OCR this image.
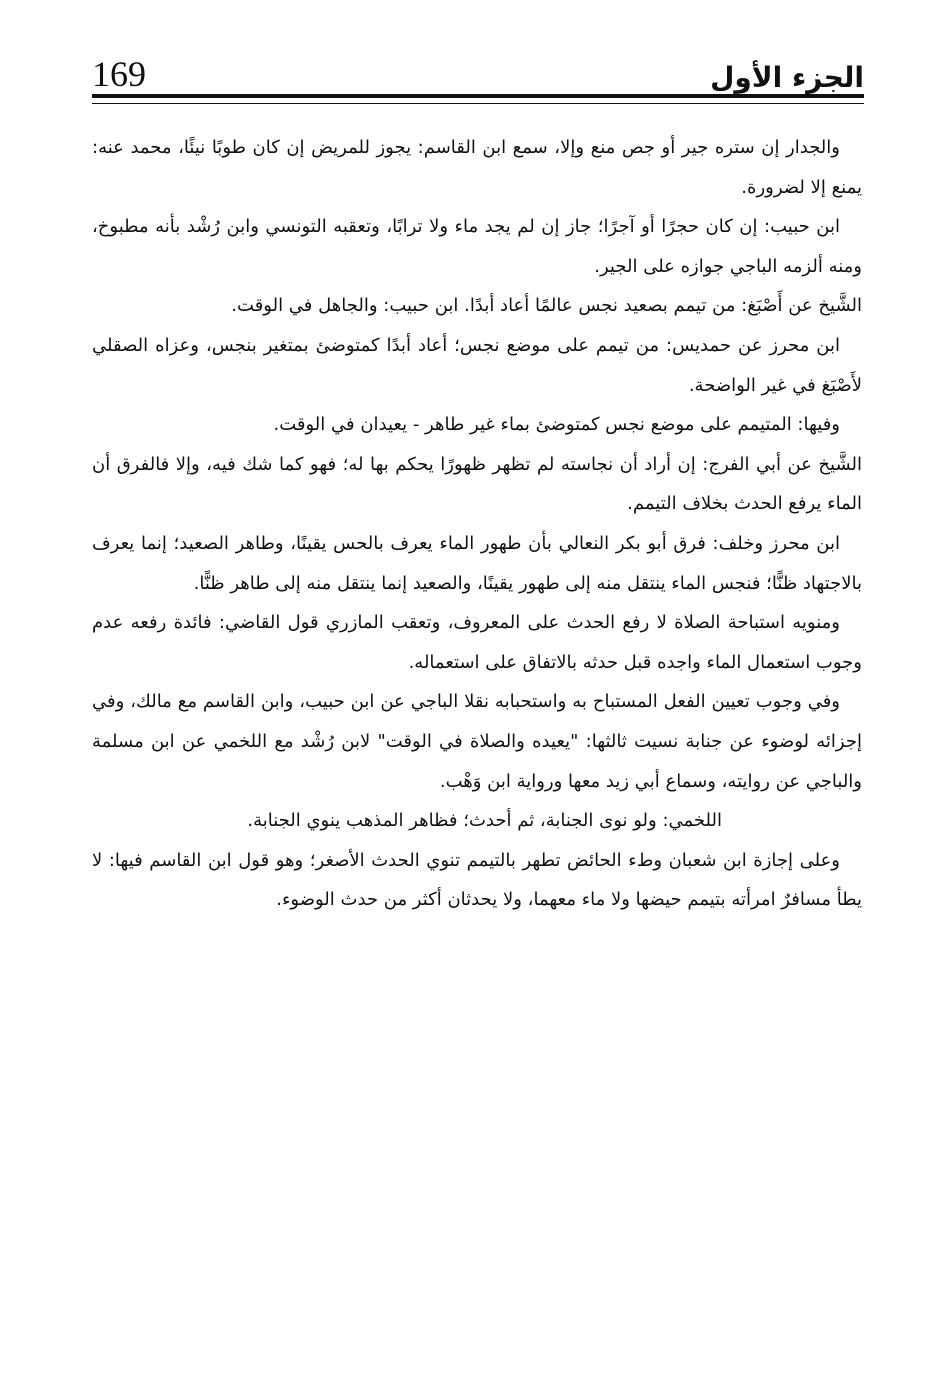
169	الجزء الأول

والجدار إن ستره جير أو جص منع وإلا، سمع ابن القاسم: يجوز للمريض إن كان طوبًا نيئًا، محمد عنه: يمنع إلا لضرورة.

ابن حبيب: إن كان حجرًا أو آجرًا؛ جاز إن لم يجد ماء ولا ترابًا، وتعقبه التونسي وابن رُشْد بأنه مطبوخ، ومنه ألزمه الباجي جوازه على الجير.

الشَّيخ عن أَصْبَغ: من تيمم بصعيد نجس عالمًا أعاد أبدًا. ابن حبيب: والجاهل في الوقت.

ابن محرز عن حمديس: من تيمم على موضع نجس؛ أعاد أبدًا كمتوضئ بمتغير بنجس، وعزاه الصقلي لأَصْبَغ في غير الواضحة.

وفيها: المتيمم على موضع نجس كمتوضئ بماء غير طاهر - يعيدان في الوقت.

الشَّيخ عن أبي الفرج: إن أراد أن نجاسته لم تظهر ظهورًا يحكم بها له؛ فهو كما شك فيه، وإلا فالفرق أن الماء يرفع الحدث بخلاف التيمم.

ابن محرز وخلف: فرق أبو بكر النعالي بأن طهور الماء يعرف بالحس يقينًا، وطاهر الصعيد؛ إنما يعرف بالاجتهاد ظنًّا؛ فنجس الماء ينتقل منه إلى طهور يقينًا، والصعيد إنما ينتقل منه إلى طاهر ظنًّا.

ومنويه استباحة الصلاة لا رفع الحدث على المعروف، وتعقب المازري قول القاضي: فائدة رفعه عدم وجوب استعمال الماء واجده قبل حدثه بالاتفاق على استعماله.

وفي وجوب تعيين الفعل المستباح به واستحبابه نقلا الباجي عن ابن حبيب، وابن القاسم مع مالك، وفي إجزائه لوضوء عن جنابة نسيت ثالثها: "يعيده والصلاة في الوقت" لابن رُشْد مع اللخمي عن ابن مسلمة والباجي عن روايته، وسماع أبي زيد معها ورواية ابن وَهْب.

اللخمي: ولو نوى الجنابة، ثم أحدث؛ فظاهر المذهب ينوي الجنابة.

وعلى إجازة ابن شعبان وطء الحائض تطهر بالتيمم تنوي الحدث الأصغر؛ وهو قول ابن القاسم فيها: لا يطأ مسافرٌ امرأته بتيمم حيضها ولا ماء معهما، ولا يحدثان أكثر من حدث الوضوء.
